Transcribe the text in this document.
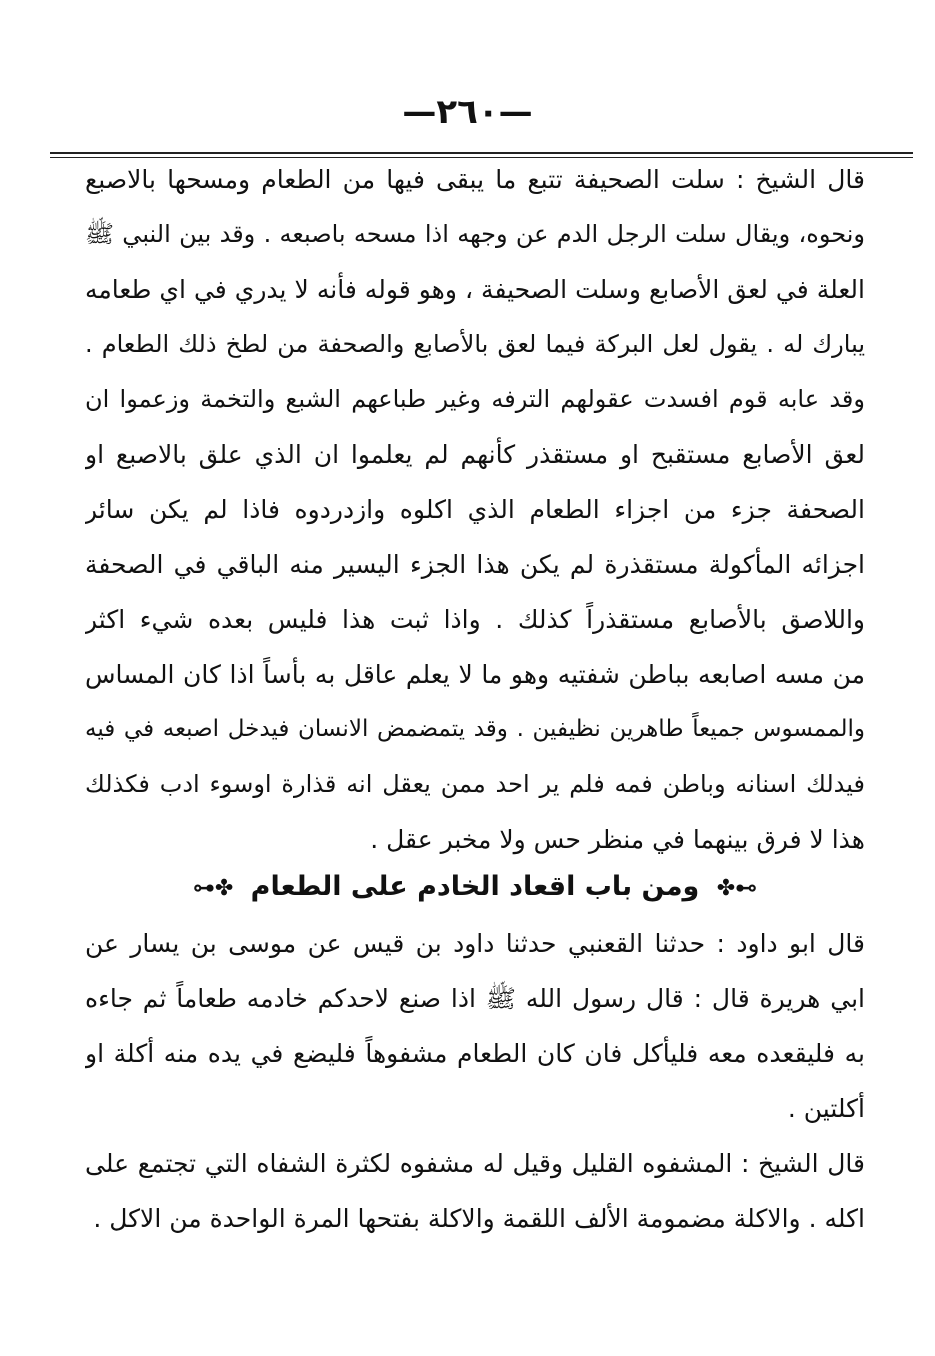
—٢٦٠—
قال الشيخ : سلت الصحيفة تتبع ما يبقى فيها من الطعام ومسحها بالاصبع
ونحوه، ويقال سلت الرجل الدم عن وجهه اذا مسحه باصبعه . وقد بين النبي ﷺ
العلة في لعق الأصابع وسلت الصحيفة ، وهو قوله فأنه لا يدري في اي طعامه
يبارك له . يقول لعل البركة فيما لعق بالأصابع والصحفة من لطخ ذلك الطعام .
وقد عابه قوم افسدت عقولهم الترفه وغير طباعهم الشبع والتخمة وزعموا ان
لعق الأصابع مستقبح او مستقذر كأنهم لم يعلموا ان الذي علق بالاصبع او
الصحفة جزء من اجزاء الطعام الذي اكلوه وازدردوه فاذا لم يكن سائر
اجزائه المأكولة مستقذرة لم يكن هذا الجزء اليسير منه الباقي في الصحفة
واللاصق بالأصابع مستقذراً كذلك . واذا ثبت هذا فليس بعده شيء اكثر
من مسه اصابعه بباطن شفتيه وهو ما لا يعلم عاقل به بأساً اذا كان المساس
والممسوس جميعاً طاهرين نظيفين . وقد يتمضمض الانسان فيدخل اصبعه في فيه
فيدلك اسنانه وباطن فمه فلم ير احد ممن يعقل انه قذارة اوسوء ادب فكذلك
هذا لا فرق بينهما في منظر حس ولا مخبر عقل .
⊶✤ ومن باب اقعاد الخادم على الطعام ✤⊷
قال ابو داود : حدثنا القعنبي حدثنا داود بن قيس عن موسى بن يسار عن
ابي هريرة قال : قال رسول الله ﷺ اذا صنع لاحدكم خادمه طعاماً ثم جاءه
به فليقعده معه فليأكل فان كان الطعام مشفوهاً فليضع في يده منه أكلة او
أكلتين .
قال الشيخ : المشفوه القليل وقيل له مشفوه لكثرة الشفاه التي تجتمع على
اكله . والاكلة مضمومة الألف اللقمة والاكلة بفتحها المرة الواحدة من الاكل .
